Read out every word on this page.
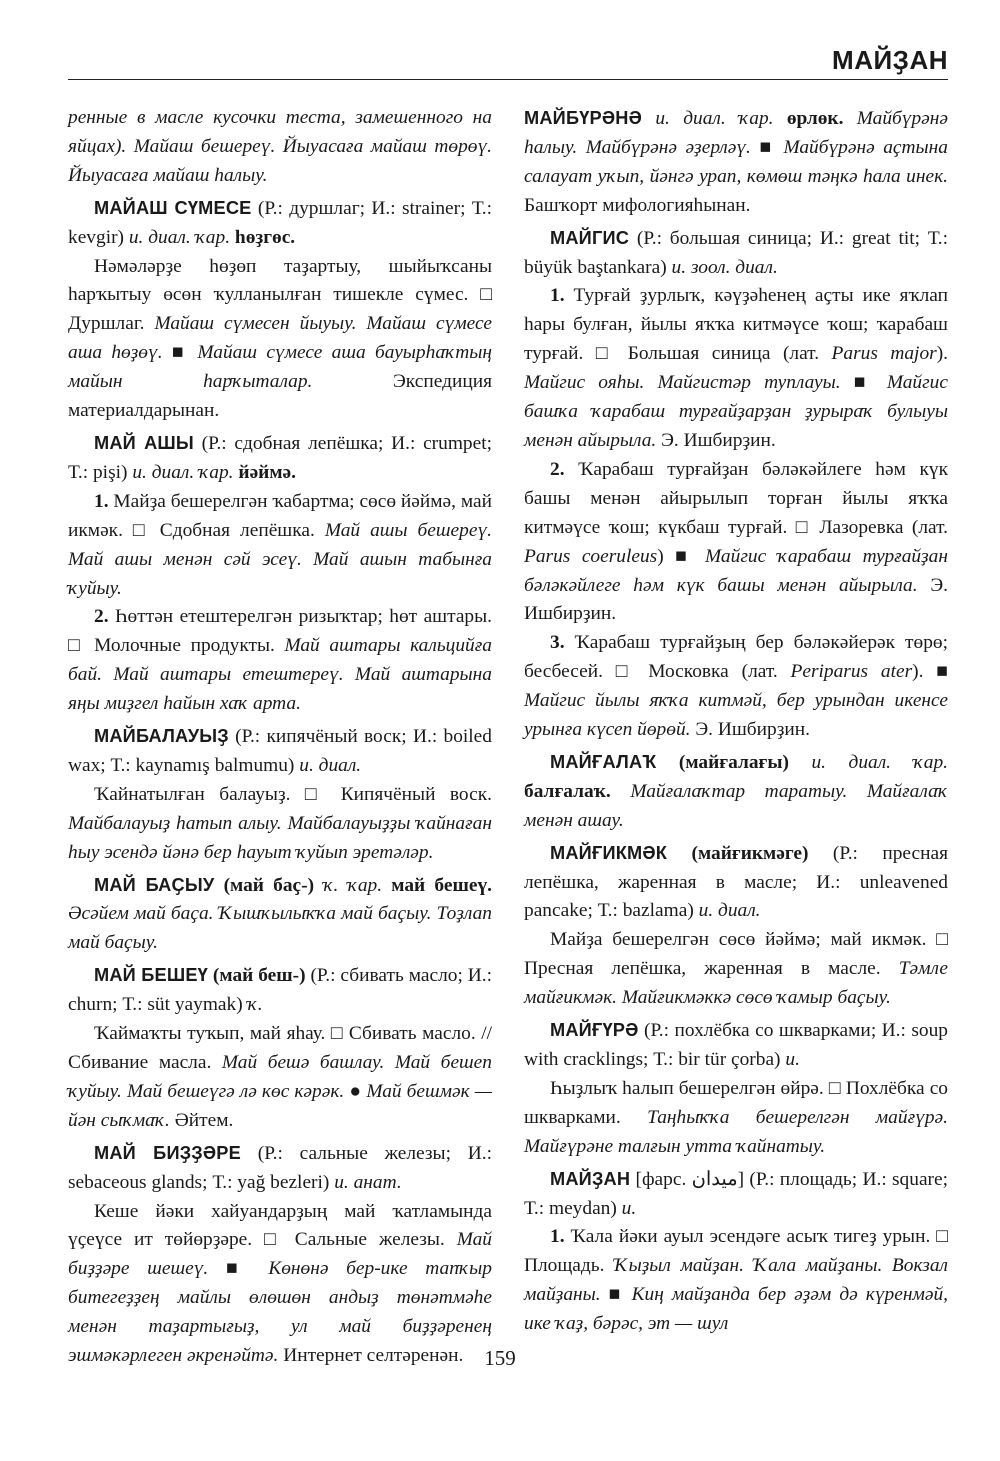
МАЙҘАН

ренные в масле кусочки теста, замешенного на яйцах). Майаш бешереү. Йыуасаға майаш төрөү. Йыуасаға майаш һалыу.

МАЙАШ СҮМЕСЕ (Р.: дуршлаг; И.: strainer; Т.: kevgir) и. диал. ҡар. һөҙгөс.

Нәмәләрҙе һөҙөп таҙартыу, шыйыҡсаны һарҡытыу өсөн ҡулланылған тишекле сүмес. □ Дуршлаг. Майаш сүмесен йыуыу. Майаш сүмесе аша һөҙөү. ■ Майаш сүмесе аша бауырһаҡтың майын һарҡыталар. Экспедиция материалдарынан.

МАЙ АШЫ (Р.: сдобная лепёшка; И.: crumpet; Т.: pişi) и. диал. ҡар. йәймә.

1. Майҙа бешерелгән ҡабартма; сөсө йәймә, май икмәк. □ Сдобная лепёшка. Май ашы бешереү. Май ашы менән сәй эсеү. Май ашын табынға ҡуйыу.

2. Һөттән етештерелгән ризыҡтар; һөт аштары. □ Молочные продукты. Май аштары кальцийға бай. Май аштары етештереү. Май аштарына яңы миҙгел һайын хаҡ арта.

МАЙБАЛАУЫҘ (Р.: кипячёный воск; И.: boiled wax; Т.: kaynamış balmumu) и. диал.

Ҡайнатылған балауыҙ. □ Кипячёный воск. Майбалауыҙ һатып алыу. Майбалауыҙҙы ҡайнаған һыу эсендә йәнә бер һауыт ҡуйып эретәләр.

МАЙ БАҪЫУ (май баҫ-) ҡ. ҡар. май бешеү. Әсәйем май баҫа. Ҡышҡылыҡҡа май баҫыу. Тоҙлап май баҫыу.

МАЙ БЕШЕҮ (май беш-) (Р.: сбивать масло; И.: churn; Т.: süt yaymak) ҡ.

Ҡаймаҡты туҡып, май яһау. □ Сбивать масло. // Сбивание масла. Май бешә башлау. Май бешеп ҡуйыу. Май бешеүгә лә көс кәрәк. ● Май бешмәк — йән сыҡмаҡ. Әйтем.

МАЙ БИҘҘӘРЕ (Р.: сальные железы; И.: sebaceous glands; Т.: yağ bezleri) и. анат.

Кеше йәки хайуандарҙың май ҡатламында үҫеүсе ит төйөрҙәре. □ Сальные железы. Май биҙҙәре шешеү. ■ Көнөнә бер-ике тапҡыр битегеҙҙең майлы өлөшөн андыҙ төнәтмәһе менән таҙартығыҙ, ул май биҙҙәренең эшмәкәрлеген әкренәйтә. Интернет селтәренән.

МАЙБҮРӘНӘ и. диал. ҡар. өрлөк. Майбүрәнә һалыу. Майбүрәнә әҙерләү. ■ Майбүрәнә аҫтына салауат уҡып, йәнгә урап, көмөш тәңкә һала инек. Башҡорт мифологияһынан.

МАЙГИС (Р.: большая синица; И.: great tit; Т.: büyük baştankara) и. зоол. диал.

1. Турғай ҙурлыҡ, кәүҙәһенең аҫты ике яҡлап һары булған, йылы яҡҡа китмәүсе ҡош; ҡарабаш турғай. □ Большая синица (лат. Parus major). Майгис ояһы. Майгистәр туплауы. ■ Майгис башҡа ҡарабаш турғайҙарҙан ҙурыраҡ булыуы менән айырыла. Э. Ишбирҙин.

2. Ҡарабаш турғайҙан бәләкәйлеге һәм күк башы менән айырылып торған йылы яҡҡа китмәүсе ҡош; күкбаш турғай. □ Лазоревка (лат. Parus coeruleus) ■ Майгис ҡарабаш турғайҙан бәләкәйлеге һәм күк башы менән айырыла. Э. Ишбирҙин.

3. Ҡарабаш турғайҙың бер бәләкәйерәк төрө; бесбесей. □ Московка (лат. Periparus ater). ■ Майгис йылы яҡҡа китмәй, бер урындан икенсе урынға күсеп йөрөй. Э. Ишбирҙин.

МАЙҒАЛАҠ (майғалағы) и. диал. ҡар. балғалаҡ. Майғалаҡтар таратыу. Майғалаҡ менән ашау.

МАЙҒИКМӘК (майғикмәге) (Р.: пресная лепёшка, жаренная в масле; И.: unleavened pancake; Т.: bazlama) и. диал.

Майҙа бешерелгән сөсө йәймә; май икмәк. □ Пресная лепёшка, жаренная в масле. Тәмле майғикмәк. Майғикмәккә сөсө ҡамыр баҫыу.

МАЙҒҮРӘ (Р.: похлёбка со шкварками; И.: soup with cracklings; Т.: bir tür çorba) и.

Һыҙлыҡ һалып бешерелгән өйрә. □ Похлёбка со шкварками. Таңһыҡҡа бешерелгән майғүрә. Майғүрәне талғын утта ҡайнатыу.

МАЙҘАН [фарс. میدان] (Р.: площадь; И.: square; Т.: meydan) и.

1. Ҡала йәки ауыл эсендәге асыҡ тигеҙ урын. □ Площадь. Ҡыҙыл майҙан. Ҡала майҙаны. Вокзал майҙаны. ■ Киң майҙанда бер әҙәм дә күренмәй, ике ҡаҙ, бәрәс, эт — шул

159
